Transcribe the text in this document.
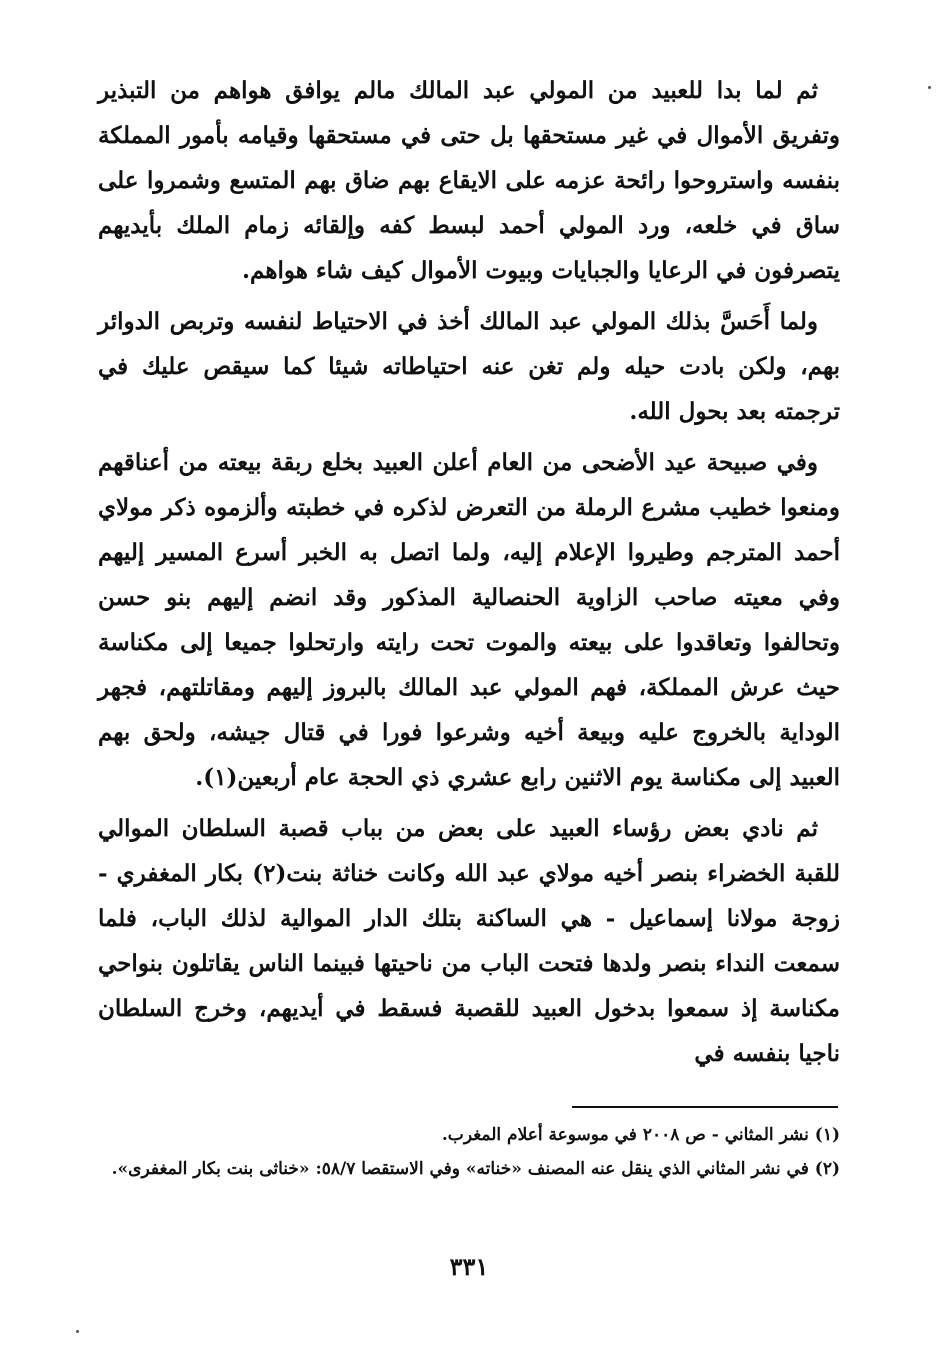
ثم لما بدا للعبيد من المولي عبد المالك مالم يوافق هواهم من التبذير وتفريق الأموال في غير مستحقها بل حتى في مستحقها وقيامه بأمور المملكة بنفسه واستروحوا رائحة عزمه على الايقاع بهم ضاق بهم المتسع وشمروا على ساق في خلعه، ورد المولي أحمد لبسط كفه وإلقائه زمام الملك بأيديهم يتصرفون في الرعايا والجبايات وبيوت الأموال كيف شاء هواهم.

ولما أَحَسَّ بذلك المولي عبد المالك أخذ في الاحتياط لنفسه وتربص الدوائر بهم، ولكن بادت حيله ولم تغن عنه احتياطاته شيئا كما سيقص عليك في ترجمته بعد بحول الله.

وفي صبيحة عيد الأضحى من العام أعلن العبيد بخلع ربقة بيعته من أعناقهم ومنعوا خطيب مشرع الرملة من التعرض لذكره في خطبته وألزموه ذكر مولاي أحمد المترجم وطيروا الإعلام إليه، ولما اتصل به الخبر أسرع المسير إليهم وفي معيته صاحب الزاوية الحنصالية المذكور وقد انضم إليهم بنو حسن وتحالفوا وتعاقدوا على بيعته والموت تحت رايته وارتحلوا جميعا إلى مكناسة حيث عرش المملكة، فهم المولي عبد المالك بالبروز إليهم ومقاتلتهم، فجهر الوداية بالخروج عليه وبيعة أخيه وشرعوا فورا في قتال جيشه، ولحق بهم العبيد إلى مكناسة يوم الاثنين رابع عشري ذي الحجة عام أربعين(١).

ثم نادي بعض رؤساء العبيد على بعض من بباب قصبة السلطان الموالي للقبة الخضراء بنصر أخيه مولاي عبد الله وكانت خناثة بنت(٢) بكار المغفري - زوجة مولانا إسماعيل - هي الساكنة بتلك الدار الموالية لذلك الباب، فلما سمعت النداء بنصر ولدها فتحت الباب من ناحيتها فبينما الناس يقاتلون بنواحي مكناسة إذ سمعوا بدخول العبيد للقصبة فسقط في أيديهم، وخرج السلطان ناجيا بنفسه في

(١) نشر المثاني - ص ٢٠٠٨ في موسوعة أعلام المغرب.

(٢) في نشر المثاني الذي ينقل عنه المصنف «خناته» وفي الاستقصا ٥٨/٧: «خناثى بنت بكار المغفرى».

٣٣١
